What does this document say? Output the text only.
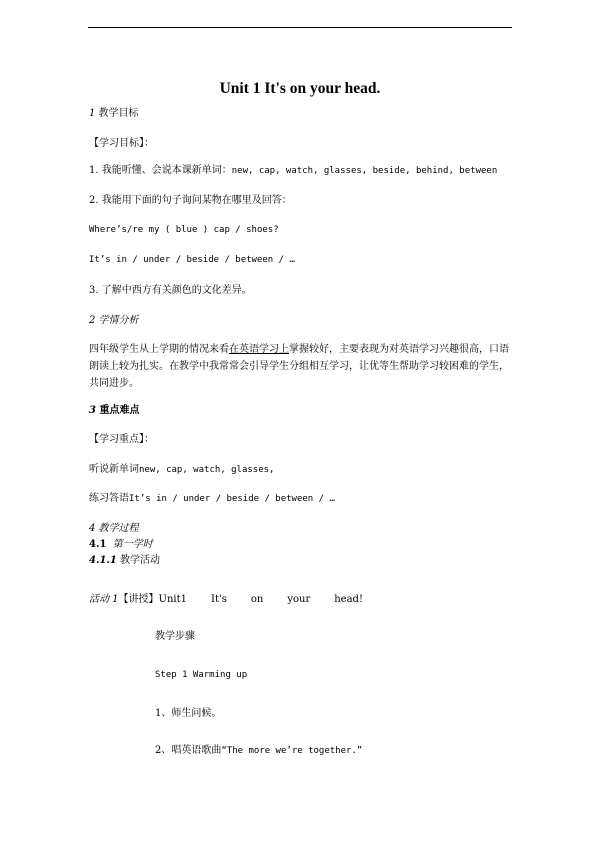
Unit 1 It's on your head.
1 教学目标
【学习目标】：
1. 我能听懂、会说本课新单词：new, cap, watch, glasses, beside, behind, between
2. 我能用下面的句子询问某物在哪里及回答：
Where’s/re my ( blue ) cap / shoes?
It’s in / under / beside / between / …
3. 了解中西方有关颜色的文化差异。
2 学情分析
四年级学生从上学期的情况来看在英语学习上掌握较好，主要表现为对英语学习兴趣很高，口语朗读上较为扎实。在教学中我常常会引导学生分组相互学习，让优等生帮助学习较困难的学生，共同进步。
3 重点难点
【学习重点】：
听说新单词new, cap, watch, glasses,
练习答语It’s in / under / beside / between / …
4 教学过程
4.1 第一学时
4.1.1 教学活动
活动 1【讲授】Unit1 It's on your head!
教学步骤
Step 1 Warming up
1、师生问候。
2、唱英语歌曲“The more we’re together.”
